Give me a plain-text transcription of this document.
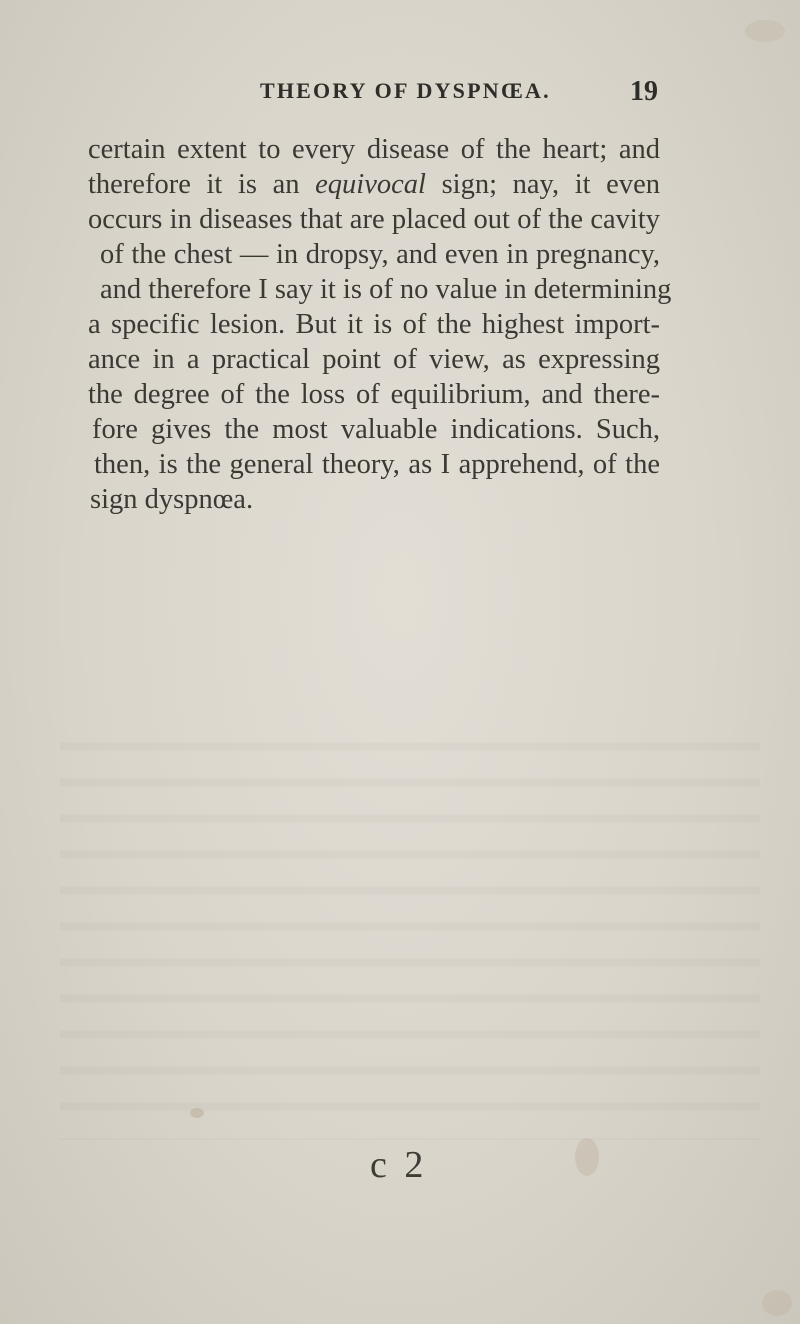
THEORY OF DYSPNŒA.	19
certain extent to every disease of the heart; and
therefore it is an equivocal sign; nay, it even
occurs in diseases that are placed out of the cavity
of the chest — in dropsy, and even in pregnancy,
and therefore I say it is of no value in determining
a specific lesion. But it is of the highest import-
ance in a practical point of view, as expressing
the degree of the loss of equilibrium, and there-
fore gives the most valuable indications. Such,
then, is the general theory, as I apprehend, of the
sign dyspnœa.
c 2
